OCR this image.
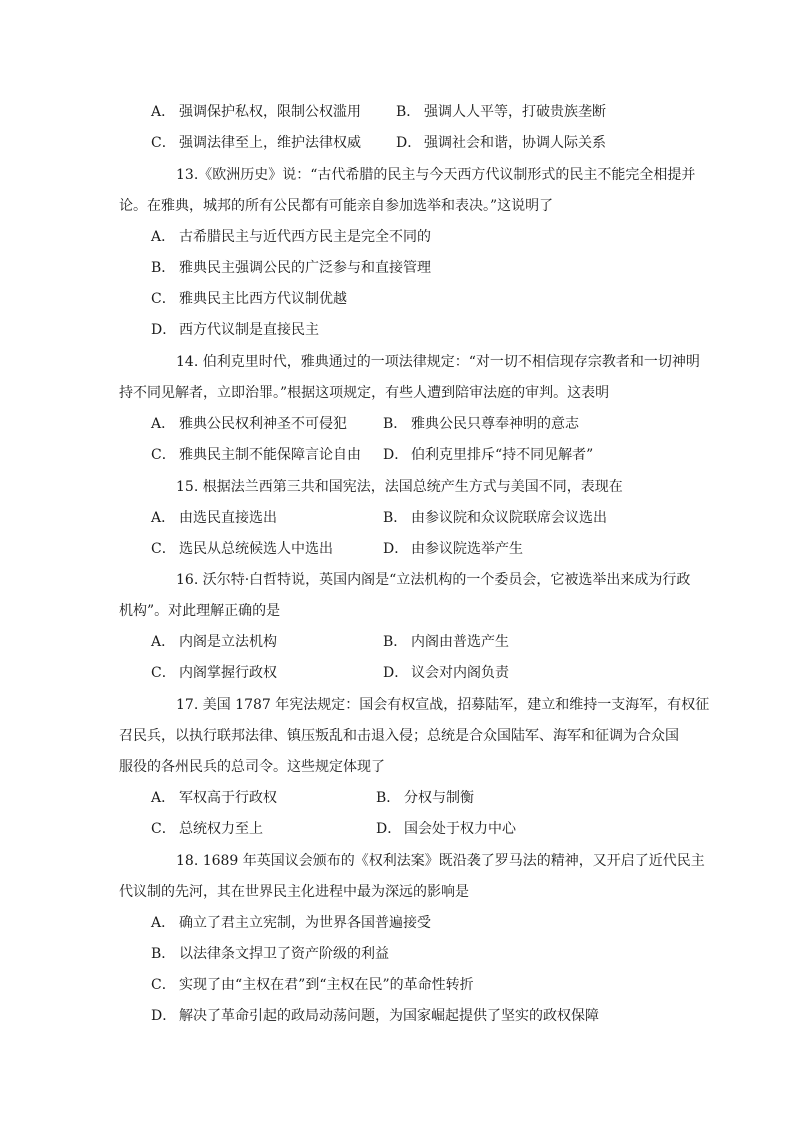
A． 强调保护私权，限制公权滥用	B． 强调人人平等，打破贵族垄断
C． 强调法律至上，维护法律权威	D． 强调社会和谐，协调人际关系
13.《欧洲历史》说：“古代希腊的民主与今天西方代议制形式的民主不能完全相提并
论。在雅典，城邦的所有公民都有可能亲自参加选举和表决。”这说明了
A． 古希腊民主与近代西方民主是完全不同的
B． 雅典民主强调公民的广泛参与和直接管理
C． 雅典民主比西方代议制优越
D． 西方代议制是直接民主
14. 伯利克里时代，雅典通过的一项法律规定：“对一切不相信现存宗教者和一切神明
持不同见解者，立即治罪。”根据这项规定，有些人遭到陪审法庭的审判。这表明
A． 雅典公民权利神圣不可侵犯	B． 雅典公民只尊奉神明的意志
C． 雅典民主制不能保障言论自由 D． 伯利克里排斥“持不同见解者”
15. 根据法兰西第三共和国宪法，法国总统产生方式与美国不同，表现在
A． 由选民直接选出	B． 由参议院和众议院联席会议选出
C． 选民从总统候选人中选出	D． 由参议院选举产生
16. 沃尔特·白哲特说，英国内阁是“立法机构的一个委员会，它被选举出来成为行政
机构”。对此理解正确的是
A． 内阁是立法机构	B． 内阁由普选产生
C． 内阁掌握行政权	D． 议会对内阁负责
17. 美国 1787 年宪法规定：国会有权宣战，招募陆军，建立和维持一支海军，有权征
召民兵，以执行联邦法律、镇压叛乱和击退入侵；总统是合众国陆军、海军和征调为合众国
服役的各州民兵的总司令。这些规定体现了
A． 军权高于行政权	B． 分权与制衡
C． 总统权力至上	D． 国会处于权力中心
18. 1689 年英国议会颁布的《权利法案》既沿袭了罗马法的精神，又开启了近代民主
代议制的先河，其在世界民主化进程中最为深远的影响是
A． 确立了君主立宪制，为世界各国普遍接受
B． 以法律条文捍卫了资产阶级的利益
C． 实现了由“主权在君”到“主权在民”的革命性转折
D． 解决了革命引起的政局动荡问题，为国家崛起提供了坚实的政权保障
